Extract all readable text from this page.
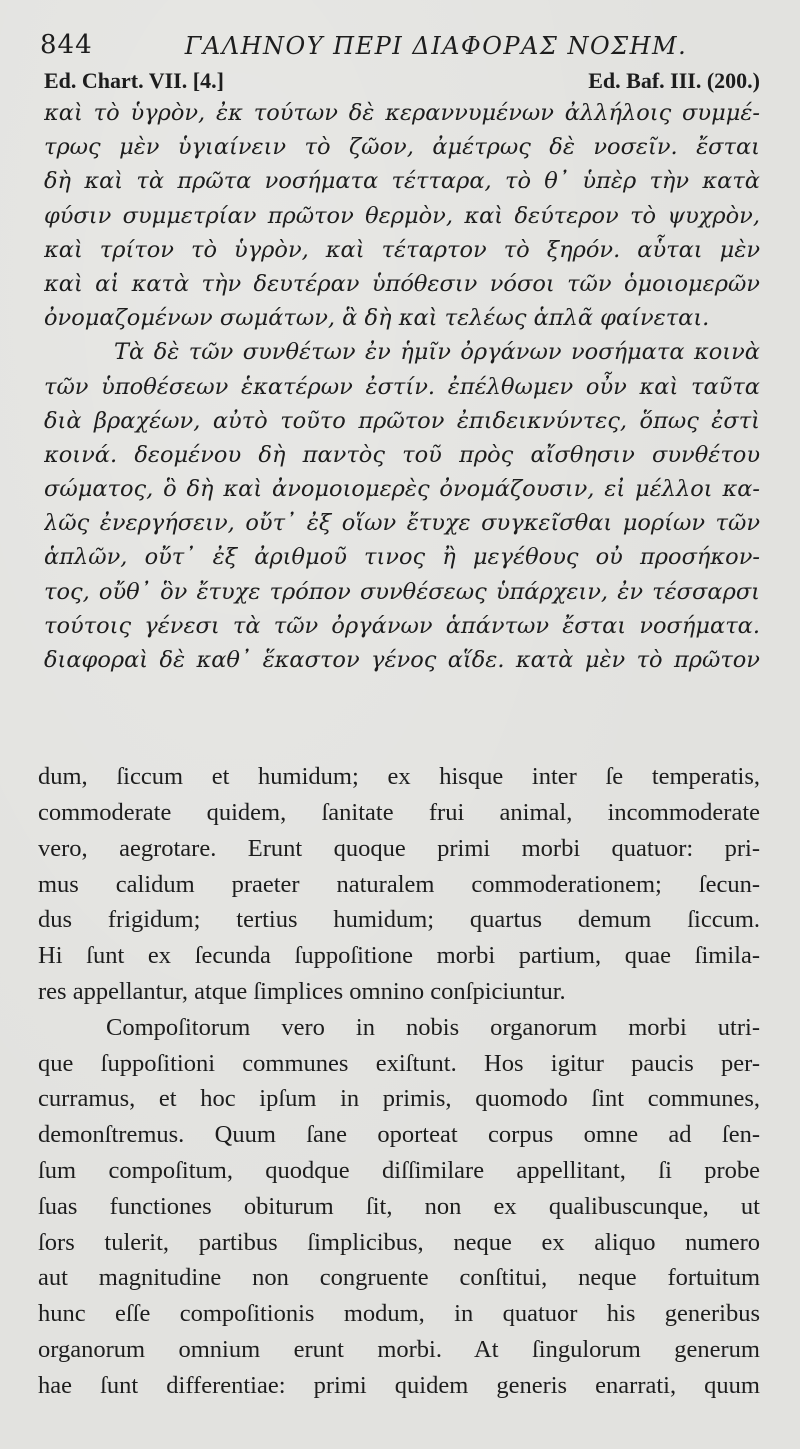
844	ΓΑΛΗΝΟΥ ΠΕΡΙ ΔΙΑΦΟΡΑΣ ΝΟΣΗΜ.
Ed. Chart. VII. [4.]	Ed. Baf. III. (200.)
καὶ τὸ ὑγρὸν, ἐκ τούτων δὲ κεραννυμένων ἀλλήλοις συμμέ-
τρως μὲν ὑγιαίνειν τὸ ζῶον, ἀμέτρως δὲ νοσεῖν. ἔσται
δὴ καὶ τὰ πρῶτα νοσήματα τέτταρα, τὸ θ᾿ ὑπὲρ τὴν κατὰ
φύσιν συμμετρίαν πρῶτον θερμὸν, καὶ δεύτερον τὸ ψυχρὸν,
καὶ τρίτον τὸ ὑγρὸν, καὶ τέταρτον τὸ ξηρόν. αὗται μὲν
καὶ αἱ κατὰ τὴν δευτέραν ὑπόθεσιν νόσοι τῶν ὁμοιομερῶν
ὀνομαζομένων σωμάτων, ἃ δὴ καὶ τελέως ἁπλᾶ φαίνεται.
Τὰ δὲ τῶν συνθέτων ἐν ἡμῖν ὀργάνων νοσήματα κοινὰ
τῶν ὑποθέσεων ἑκατέρων ἐστίν. ἐπέλθωμεν οὖν καὶ ταῦτα
διὰ βραχέων, αὐτὸ τοῦτο πρῶτον ἐπιδεικνύντες, ὅπως ἐστὶ
κοινά. δεομένου δὴ παντὸς τοῦ πρὸς αἴσθησιν συνθέτου
σώματος, ὃ δὴ καὶ ἀνομοιομερὲς ὀνομάζουσιν, εἰ μέλλοι κα-
λῶς ἐνεργήσειν, οὔτ᾿ ἐξ οἵων ἔτυχε συγκεῖσθαι μορίων τῶν
ἁπλῶν, οὔτ᾿ ἐξ ἀριθμοῦ τινος ἢ μεγέθους οὐ προσήκον-
τος, οὔθ᾿ ὃν ἔτυχε τρόπον συνθέσεως ὑπάρχειν, ἐν τέσσαρσι
τούτοις γένεσι τὰ τῶν ὀργάνων ἁπάντων ἔσται νοσήματα.
διαφοραὶ δὲ καθ᾿ ἕκαστον γένος αἵδε. κατὰ μὲν τὸ πρῶτον
dum, ſiccum et humidum; ex hisque inter ſe temperatis,
commoderate quidem, ſanitate frui animal, incommoderate
vero, aegrotare. Erunt quoque primi morbi quatuor: pri-
mus calidum praeter naturalem commoderationem; ſecun-
dus frigidum; tertius humidum; quartus demum ſiccum.
Hi ſunt ex ſecunda ſuppoſitione morbi partium, quae ſimila-
res appellantur, atque ſimplices omnino conſpiciuntur.
Compoſitorum vero in nobis organorum morbi utri-
que ſuppoſitioni communes exiſtunt. Hos igitur paucis per-
curramus, et hoc ipſum in primis, quomodo ſint communes,
demonſtremus. Quum ſane oporteat corpus omne ad ſen-
ſum compoſitum, quodque diſſimilare appellitant, ſi probe
ſuas functiones obiturum ſit, non ex qualibuscunque, ut
ſors tulerit, partibus ſimplicibus, neque ex aliquo numero
aut magnitudine non congruente conſtitui, neque fortuitum
hunc eſſe compoſitionis modum, in quatuor his generibus
organorum omnium erunt morbi. At ſingulorum generum
hae ſunt differentiae: primi quidem generis enarrati, quum
